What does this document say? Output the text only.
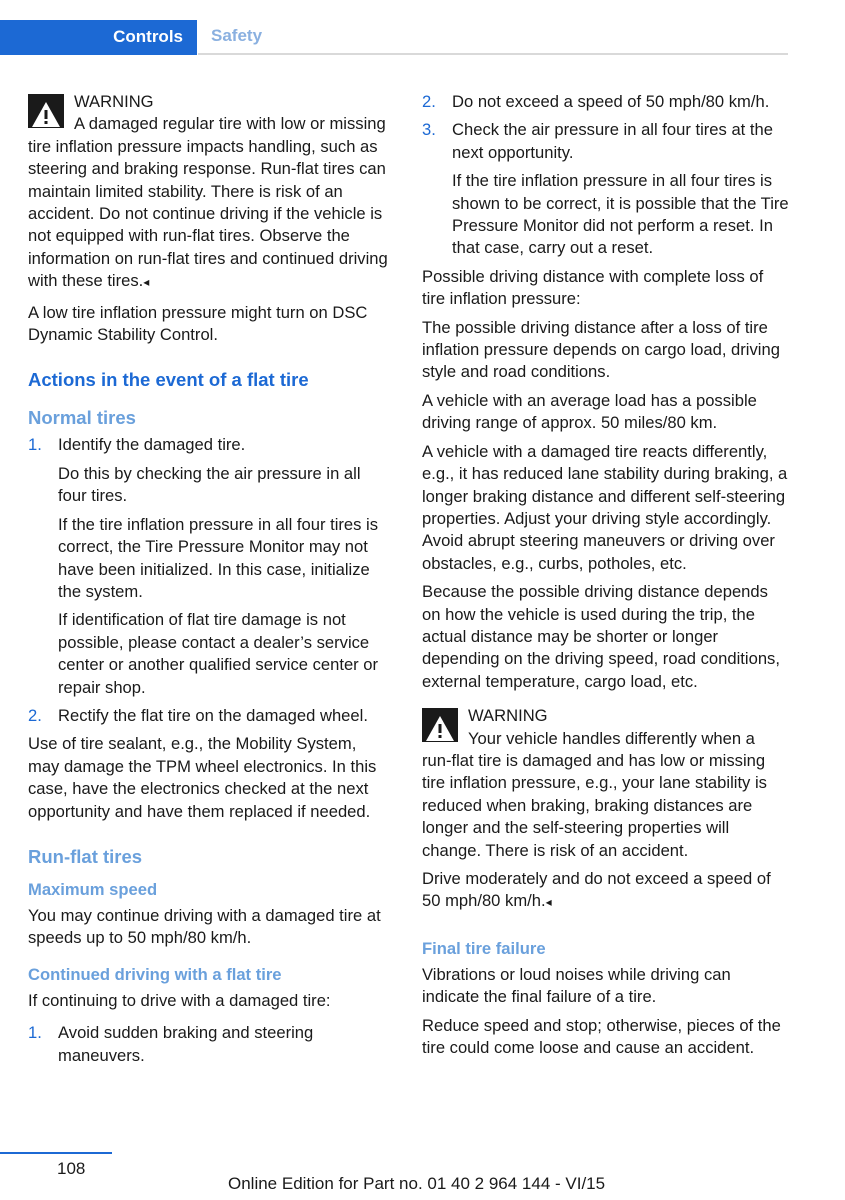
Controls Safety
WARNING
A damaged regular tire with low or missing tire inflation pressure impacts handling, such as steering and braking response. Run-flat tires can maintain limited stability. There is risk of an accident. Do not continue driving if the vehicle is not equipped with run-flat tires. Observe the information on run-flat tires and continued driving with these tires.◂

A low tire inflation pressure might turn on DSC Dynamic Stability Control.

Actions in the event of a flat tire
Normal tires
1. Identify the damaged tire.
Do this by checking the air pressure in all four tires.
If the tire inflation pressure in all four tires is correct, the Tire Pressure Monitor may not have been initialized. In this case, initialize the system.
If identification of flat tire damage is not possible, please contact a dealer’s service center or another qualified service center or repair shop.
2. Rectify the flat tire on the damaged wheel.

Use of tire sealant, e.g., the Mobility System, may damage the TPM wheel electronics. In this case, have the electronics checked at the next opportunity and have them replaced if needed.

Run-flat tires
Maximum speed

You may continue driving with a damaged tire at speeds up to 50 mph/80 km/h.

Continued driving with a flat tire

If continuing to drive with a damaged tire:

1. Avoid sudden braking and steering maneuvers.
2. Do not exceed a speed of 50 mph/80 km/h.
3. Check the air pressure in all four tires at the next opportunity.
If the tire inflation pressure in all four tires is shown to be correct, it is possible that the Tire Pressure Monitor did not perform a reset. In that case, carry out a reset.

Possible driving distance with complete loss of tire inflation pressure:

The possible driving distance after a loss of tire inflation pressure depends on cargo load, driving style and road conditions.

A vehicle with an average load has a possible driving range of approx. 50 miles/80 km.

A vehicle with a damaged tire reacts differently, e.g., it has reduced lane stability during braking, a longer braking distance and different self-steering properties. Adjust your driving style accordingly. Avoid abrupt steering maneuvers or driving over obstacles, e.g., curbs, potholes, etc.

Because the possible driving distance depends on how the vehicle is used during the trip, the actual distance may be shorter or longer depending on the driving speed, road conditions, external temperature, cargo load, etc.

WARNING
Your vehicle handles differently when a run-flat tire is damaged and has low or missing tire inflation pressure, e.g., your lane stability is reduced when braking, braking distances are longer and the self-steering properties will change. There is risk of an accident.
Drive moderately and do not exceed a speed of 50 mph/80 km/h.◂
Final tire failure

Vibrations or loud noises while driving can indicate the final failure of a tire.

Reduce speed and stop; otherwise, pieces of the tire could come loose and cause an accident.

108
Online Edition for Part no. 01 40 2 964 144 - VI/15
